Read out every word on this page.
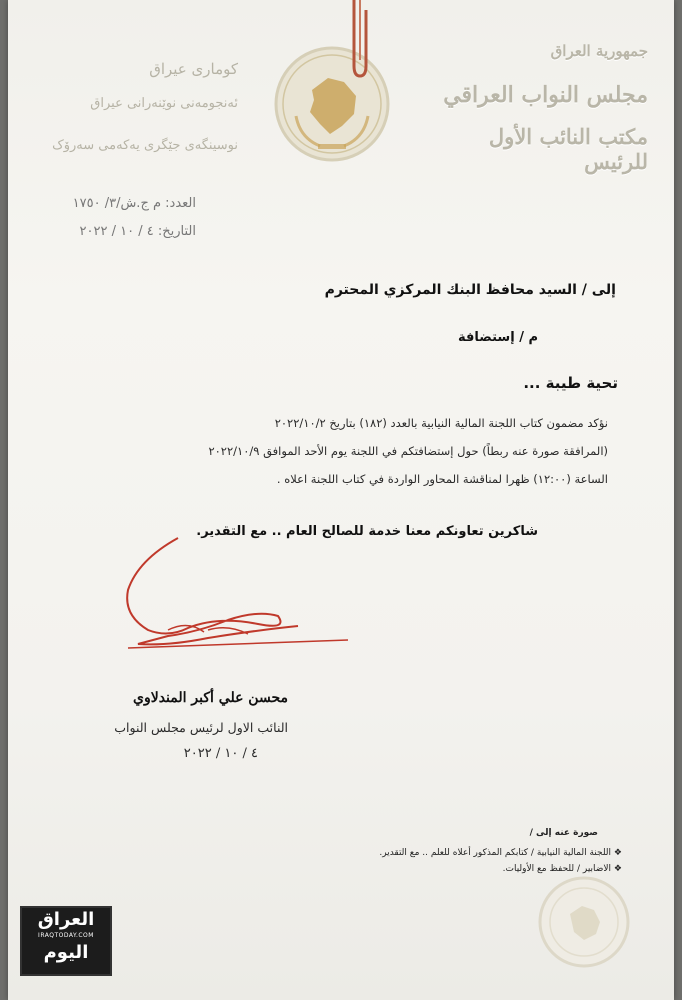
كوماری عیراق
ئەنجومەنی نوێنەرانی عیراق
نوسینگەی جێگری یەکەمی سەرۆک
جمهورية العراق
مجلس النواب العراقي
مكتب النائب الأول للرئيس
العدد: م ج.ش/٣/ ١٧٥٠
التاريخ: ٤ / ١٠ / ٢٠٢٢
إلى / السيد محافظ البنك المركزي المحترم
م / إستضافة
تحية طيبة ...
نؤكد مضمون كتاب اللجنة المالية النيابية بالعدد (١٨٢) بتاريخ ٢٠٢٢/١٠/٢
(المرافقة صورة عنه ربطاً) حول إستضافتكم في اللجنة يوم الأحد الموافق ٢٠٢٢/١٠/٩
الساعة (١٢:٠٠) ظهرا لمناقشة المحاور الواردة في كتاب اللجنة اعلاه .
شاكرين تعاونكم معنا خدمة للصالح العام .. مع التقدير.
محسن علي أكبر المندلاوي
النائب الاول لرئيس مجلس النواب
٤ / ١٠ / ٢٠٢٢
صورة عنه إلى /
❖ اللجنة المالية النيابية / كتابكم المذكور أعلاه للعلم .. مع التقدير.
❖ الاضابير / للحفظ مع الأوليات.
العراق
IRAQTODAY.COM
اليوم
